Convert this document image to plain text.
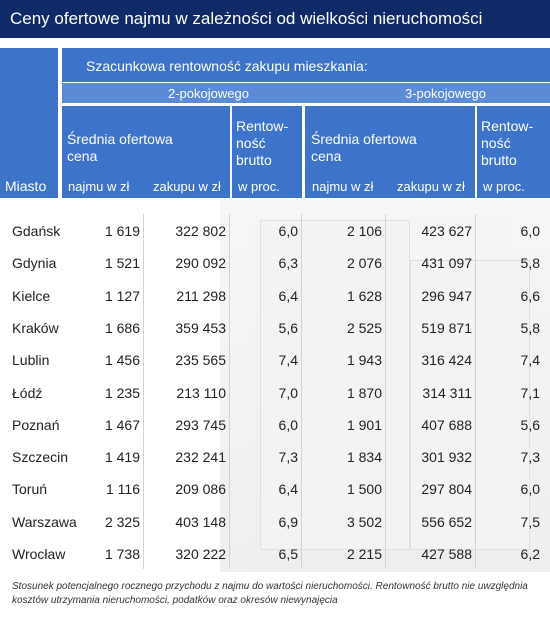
Ceny ofertowe najmu w zależności od wielkości nieruchomości
Miasto
Szacunkowa rentowność zakupu mieszkania:
2-pokojowego	3-pokojowego
Średnia ofertowa cena
najmu w zł zakupu w zł
Rentow-ność brutto
w proc.
Średnia ofertowa cena
najmu w zł zakupu w zł
Rentow-ność brutto
w proc.
Gdańsk	1 619	322 802	6,0	2 106	423 627	6,0
Gdynia	1 521	290 092	6,3	2 076	431 097	5,8
Kielce	1 127	211 298	6,4	1 628	296 947	6,6
Kraków	1 686	359 453	5,6	2 525	519 871	5,8
Lublin	1 456	235 565	7,4	1 943	316 424	7,4
Łódź	1 235	213 110	7,0	1 870	314 311	7,1
Poznań	1 467	293 745	6,0	1 901	407 688	5,6
Szczecin	1 419	232 241	7,3	1 834	301 932	7,3
Toruń	1 116	209 086	6,4	1 500	297 804	6,0
Warszawa 2 325	403 148	6,9	3 502	556 652	7,5
Wrocław	1 738	320 222	6,5	2 215	427 588	6,2
Stosunek potencjalnego rocznego przychodu z najmu do wartości nieruchomości. Rentowność brutto nie uwzględnia kosztów utrzymania nieruchomości, podatków oraz okresów niewynajęcia
